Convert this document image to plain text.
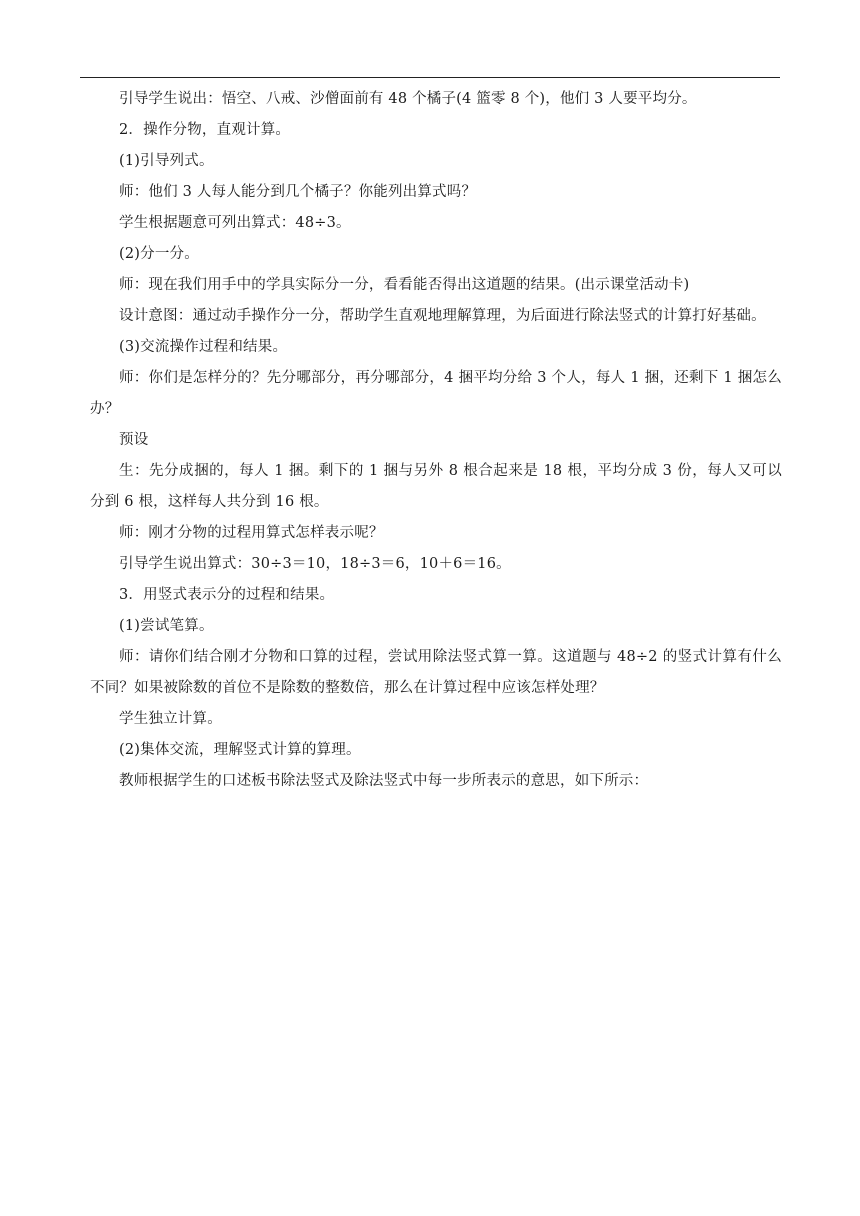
引导学生说出：悟空、八戒、沙僧面前有 48 个橘子(4 篮零 8 个)，他们 3 人要平均分。

2．操作分物，直观计算。

(1)引导列式。

师：他们 3 人每人能分到几个橘子？你能列出算式吗？

学生根据题意可列出算式：48÷3。

(2)分一分。

师：现在我们用手中的学具实际分一分，看看能否得出这道题的结果。(出示课堂活动卡)

设计意图：通过动手操作分一分，帮助学生直观地理解算理，为后面进行除法竖式的计算打好基础。

(3)交流操作过程和结果。

师：你们是怎样分的？先分哪部分，再分哪部分，4 捆平均分给 3 个人，每人 1 捆，还剩下 1 捆怎么办？

预设

生：先分成捆的，每人 1 捆。剩下的 1 捆与另外 8 根合起来是 18 根，平均分成 3 份，每人又可以分到 6 根，这样每人共分到 16 根。

师：刚才分物的过程用算式怎样表示呢？

引导学生说出算式：30÷3＝10，18÷3＝6，10＋6＝16。

3．用竖式表示分的过程和结果。

(1)尝试笔算。

师：请你们结合刚才分物和口算的过程，尝试用除法竖式算一算。这道题与 48÷2 的竖式计算有什么不同？如果被除数的首位不是除数的整数倍，那么在计算过程中应该怎样处理？

学生独立计算。

(2)集体交流，理解竖式计算的算理。

教师根据学生的口述板书除法竖式及除法竖式中每一步所表示的意思，如下所示：
